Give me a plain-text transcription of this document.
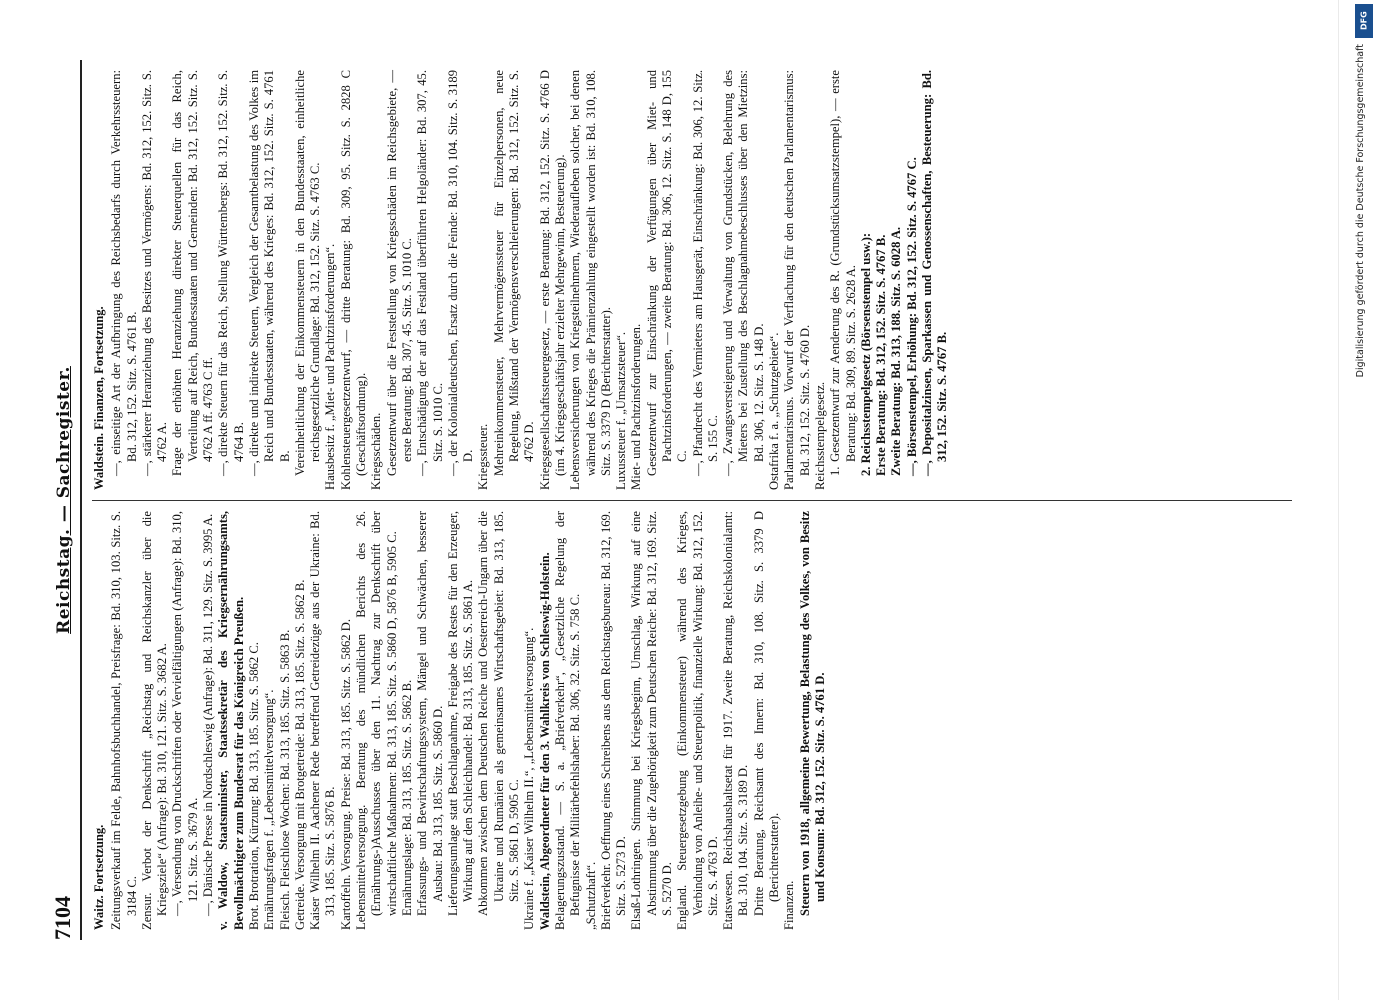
7104
Reichstag. — Sachregister.
Waitz. Fortsetzung. Zeitungsverkauf im Felde, Bahnhofsbuchhandel, Preisfrage: Bd. 310, 103. Sitz. S. 3184 C. Zensur. Verbot der Denkschrift „Reichstag und Reichskanzler über die Kriegsziele“ (Anfrage): Bd. 310, 121. Sitz. S. 3682 A. —, Versendung von Druckschriften oder Vervielfältigungen (Anfrage): Bd. 310, 121. Sitz. S. 3679 A. —, Dänische Presse in Nordschleswig (Anfrage): Bd. 311, 129. Sitz. S. 3995 A. v. Waldow, Staatsminister, Staatssekretär des Kriegsernährungsamts, Bevollmächtigter zum Bundesrat für das Königreich Preußen. Brot. Brotration, Kürzung: Bd. 313, 185. Sitz. S. 5862 C. Ernährungsfragen f. „Lebensmittelversorgung“. Fleisch. Fleischlose Wochen: Bd. 313, 185. Sitz. S. 5863 B. Getreide. Versorgung mit Brotgetreide: Bd. 313, 185. Sitz. S. 5862 B. Kaiser Wilhelm II. Aachener Rede betreffend Getreidezüge aus der Ukraine: Bd. 313, 185. Sitz. S. 5876 B. Kartoffeln. Versorgung. Preise: Bd. 313, 185. Sitz. S. 5862 D. Lebensmittelversorgung. Beratung des mündlichen Berichts des 26. (Ernährungs-)Ausschusses über den 11. Nachtrag zur Denkschrift über wirtschaftliche Maßnahmen: Bd. 313, 185. Sitz. S. 5860 D, 5876 B, 5905 C. Ernährungslage: Bd. 313, 185. Sitz. S. 5862 B. Erfassungs- und Bewirtschaftungssystem, Mängel und Schwächen, besserer Ausbau: Bd. 313, 185. Sitz. S. 5860 D. Lieferungsumlage statt Beschlagnahme, Freigabe des Restes für den Erzeuger, Wirkung auf den Schleichhandel: Bd. 313, 185. Sitz. S. 5861 A. Abkommen zwischen dem Deutschen Reiche und Oesterreich-Ungarn über die Ukraine und Rumänien als gemeinsames Wirtschaftsgebiet: Bd. 313, 185. Sitz. S. 5861 D, 5905 C. Ukraine f. „Kaiser Wilhelm II.“, „Lebensmittelversorgung“. Waldstein, Abgeordneter für den 3. Wahlkreis von Schleswig-Holstein. Belagerungszustand. — S. a. „Briefverkehr“, „Gesetzliche Regelung der Befugnisse der Militärbefehlshaber: Bd. 306, 32. Sitz. S. 758 C. „Schutzhaft“. Briefverkehr. Oeffnung eines Schreibens aus dem Reichstagsbureau: Bd. 312, 169. Sitz. S. 5273 D. Elsaß-Lothringen. Stimmung bei Kriegsbeginn, Umschlag, Wirkung auf eine Abstimmung über die Zugehörigkeit zum Deutschen Reiche: Bd. 312, 169. Sitz. S. 5270 D. England. Steuergesetzgebung (Einkommensteuer) während des Krieges, Verbindung von Anleihe- und Steuerpolitik, finanzielle Wirkung: Bd. 312, 152. Sitz. S. 4763 D. Etatswesen. Reichshaushaltsetat für 1917. Zweite Beratung, Reichskolonialamt: Bd. 310, 104. Sitz. S. 3189 D. Dritte Beratung, Reichsamt des Innern: Bd. 310, 108. Sitz. S. 3379 D (Berichterstatter).
Finanzen. Steuern von 1918, allgemeine Bewertung, Belastung des Volkes, von Besitz und Konsum: Bd. 312, 152. Sitz. S. 4761 D.
Waldstein. Finanzen, Fortsetzung. —, einseitige Art der Aufbringung des Reichsbedarfs durch Verkehrssteuern: Bd. 312, 152. Sitz. S. 4761 B. —, stärkerer Heranziehung des Besitzes und Vermögens: Bd. 312, 152. Sitz. S. 4762 A. Frage der erhöhten Heranziehung direkter Steuerquellen für das Reich, Verteilung auf Reich, Bundesstaaten und Gemeinden: Bd. 312, 152. Sitz. S. 4762 A ff. 4763 C ff. —, direkte Steuern für das Reich, Stellung Württembergs: Bd. 312, 152. Sitz. S. 4764 B. —, direkte und indirekte Steuern, Vergleich der Gesamtbelastung des Volkes im Reich und Bundesstaaten, während des Krieges: Bd. 312, 152. Sitz. S. 4761 B. Vereinheitlichung der Einkommensteuern in den Bundesstaaten, einheitliche reichsgesetzliche Grundlage: Bd. 312, 152. Sitz. S. 4763 C. Hausbesitz f. „Miet- und Pachtzinsforderungen“. Kohlensteuergesetzentwurf, — dritte Beratung: Bd. 309, 95. Sitz. S. 2828 C (Geschäftsordnung). Kriegsschäden. Gesetzentwurf über die Feststellung von Kriegsschäden im Reichsgebiete, — erste Beratung: Bd. 307, 45. Sitz. S. 1010 C. —, Entschädigung der auf das Festland überführten Helgoländer: Bd. 307, 45. Sitz. S. 1010 C. —, der Kolonialdeutschen, Ersatz durch die Feinde: Bd. 310, 104. Sitz. S. 3189 D. Kriegssteuer. Mehreinkommensteuer, Mehrvermögenssteuer für Einzelpersonen, neue Regelung, Mißstand der Vermögensverschleierungen: Bd. 312, 152. Sitz. S. 4762 D. Kriegsgesellschaftssteuergesetz, — erste Beratung: Bd. 312, 152. Sitz. S. 4766 D (im 4. Kriegsgeschäftsjahr erzielter Mehrgewinn, Besteuerung). Lebensversicherungen von Kriegsteilnehmern, Wiederaufleben solcher, bei denen während des Krieges die Prämienzahlung eingestellt worden ist: Bd. 310, 108. Sitz. S. 3379 D (Berichterstatter). Luxussteuer f. „Umsatzsteuer“. Miet- und Pachtzinsforderungen. Gesetzentwurf zur Einschränkung der Verfügungen über Miet- und Pachtzinsforderungen, — zweite Beratung: Bd. 306, 12. Sitz. S. 148 D, 155 C. —, Pfandrecht des Vermieters am Hausgerät, Einschränkung: Bd. 306, 12. Sitz. S. 155 C. —, Zwangsversteigerung und Verwaltung von Grundstücken, Belehrung des Mieters bei Zustellung des Beschlagnahmebeschlusses über den Mietzins: Bd. 306, 12. Sitz. S. 148 D. Ostafrika f. a. „Schutzgebiete“. Parlamentarismus. Vorwurf der Verflachung für den deutschen Parlamentarismus: Bd. 312, 152. Sitz. S. 4760 D. Reichsstempelgesetz. 1. Gesetzentwurf zur Aenderung des R. (Grundstücksumsatzstempel), — erste Beratung: Bd. 309, 89. Sitz. S. 2628 A. 2. Reichsstempelgesetz (Börsenstempel usw.): Erste Beratung: Bd. 312, 152. Sitz. S. 4767 B. Zweite Beratung: Bd. 313, 188. Sitz. S. 6028 A. —, Börsenstempel, Erhöhung: Bd. 312, 152. Sitz. S. 4767 C. —, Depositalzinsen, Sparkassen und Genossenschaften, Besteuerung: Bd. 312, 152. Sitz. S. 4767 B.
DFG
Digitalisierung gefördert durch die Deutsche Forschungsgemeinschaft
